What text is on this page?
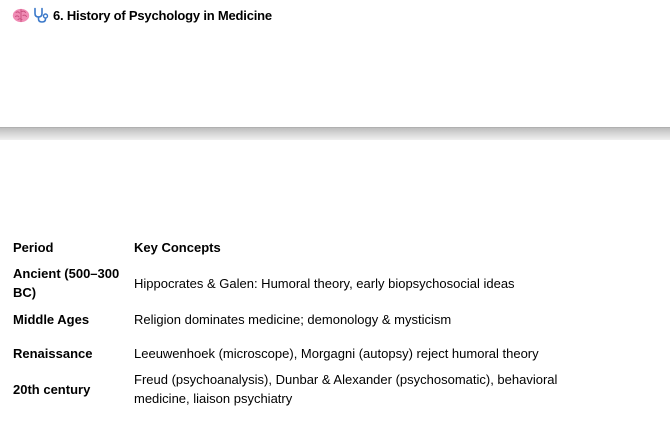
6. History of Psychology in Medicine
Period	Key Concepts
Ancient (500–300 BC)	Hippocrates & Galen: Humoral theory, early biopsychosocial ideas
Middle Ages	Religion dominates medicine; demonology & mysticism
Renaissance	Leeuwenhoek (microscope), Morgagni (autopsy) reject humoral theory
20th century	Freud (psychoanalysis), Dunbar & Alexander (psychosomatic), behavioral medicine, liaison psychiatry
